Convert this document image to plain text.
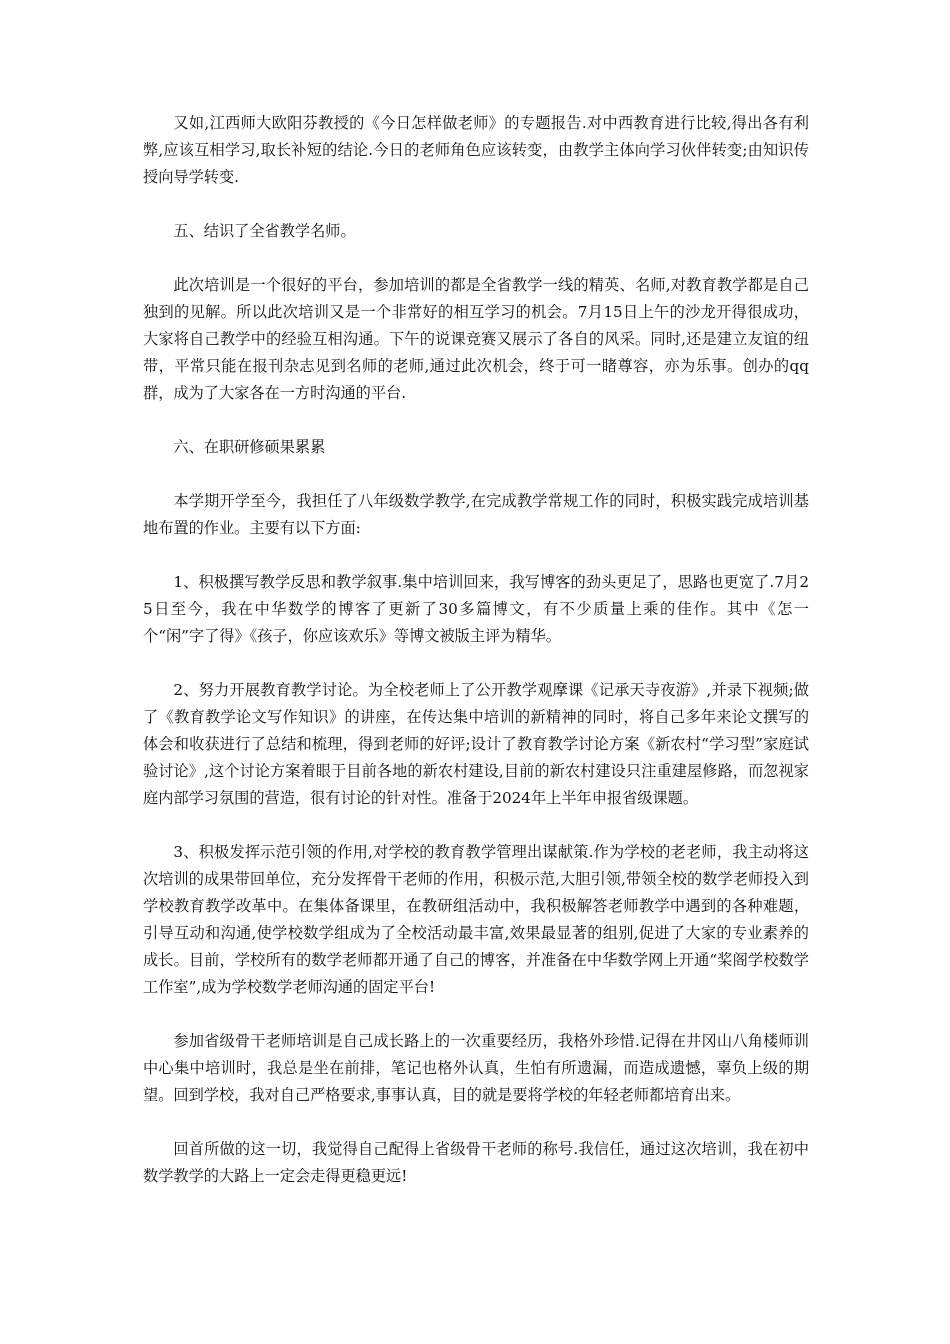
又如,江西师大欧阳芬教授的《今日怎样做老师》的专题报告.对中西教育进行比较,得出各有利弊,应该互相学习,取长补短的结论.今日的老师角色应该转变，由教学主体向学习伙伴转变;由知识传授向导学转变.

五、结识了全省教学名师。

此次培训是一个很好的平台，参加培训的都是全省教学一线的精英、名师,对教育教学都是自己独到的见解。所以此次培训又是一个非常好的相互学习的机会。7月15日上午的沙龙开得很成功，大家将自己教学中的经验互相沟通。下午的说课竞赛又展示了各自的风采。同时,还是建立友谊的纽带，平常只能在报刊杂志见到名师的老师,通过此次机会，终于可一睹尊容，亦为乐事。创办的qq群，成为了大家各在一方时沟通的平台.

六、在职研修硕果累累

本学期开学至今，我担任了八年级数学教学,在完成教学常规工作的同时，积极实践完成培训基地布置的作业。主要有以下方面:

1、积极撰写教学反思和教学叙事.集中培训回来，我写博客的劲头更足了，思路也更宽了.7月25日至今，我在中华数学的博客了更新了30多篇博文，有不少质量上乘的佳作。其中《怎一个“闲”字了得》《孩子，你应该欢乐》等博文被版主评为精华。

2、努力开展教育教学讨论。为全校老师上了公开教学观摩课《记承天寺夜游》,并录下视频;做了《教育教学论文写作知识》的讲座，在传达集中培训的新精神的同时，将自己多年来论文撰写的体会和收获进行了总结和梳理，得到老师的好评;设计了教育教学讨论方案《新农村“学习型”家庭试验讨论》,这个讨论方案着眼于目前各地的新农村建设,目前的新农村建设只注重建屋修路，而忽视家庭内部学习氛围的营造，很有讨论的针对性。准备于2024年上半年申报省级课题。

3、积极发挥示范引领的作用,对学校的教育教学管理出谋献策.作为学校的老老师，我主动将这次培训的成果带回单位，充分发挥骨干老师的作用，积极示范,大胆引领,带领全校的数学老师投入到学校教育教学改革中。在集体备课里，在教研组活动中，我积极解答老师教学中遇到的各种难题，引导互动和沟通,使学校数学组成为了全校活动最丰富,效果最显著的组别,促进了大家的专业素养的成长。目前，学校所有的数学老师都开通了自己的博客，并准备在中华数学网上开通“桨阁学校数学工作室”,成为学校数学老师沟通的固定平台!

参加省级骨干老师培训是自己成长路上的一次重要经历，我格外珍惜.记得在井冈山八角楼师训中心集中培训时，我总是坐在前排，笔记也格外认真，生怕有所遗漏，而造成遗憾，辜负上级的期望。回到学校，我对自己严格要求,事事认真，目的就是要将学校的年轻老师都培育出来。

回首所做的这一切，我觉得自己配得上省级骨干老师的称号.我信任，通过这次培训，我在初中数学教学的大路上一定会走得更稳更远!
